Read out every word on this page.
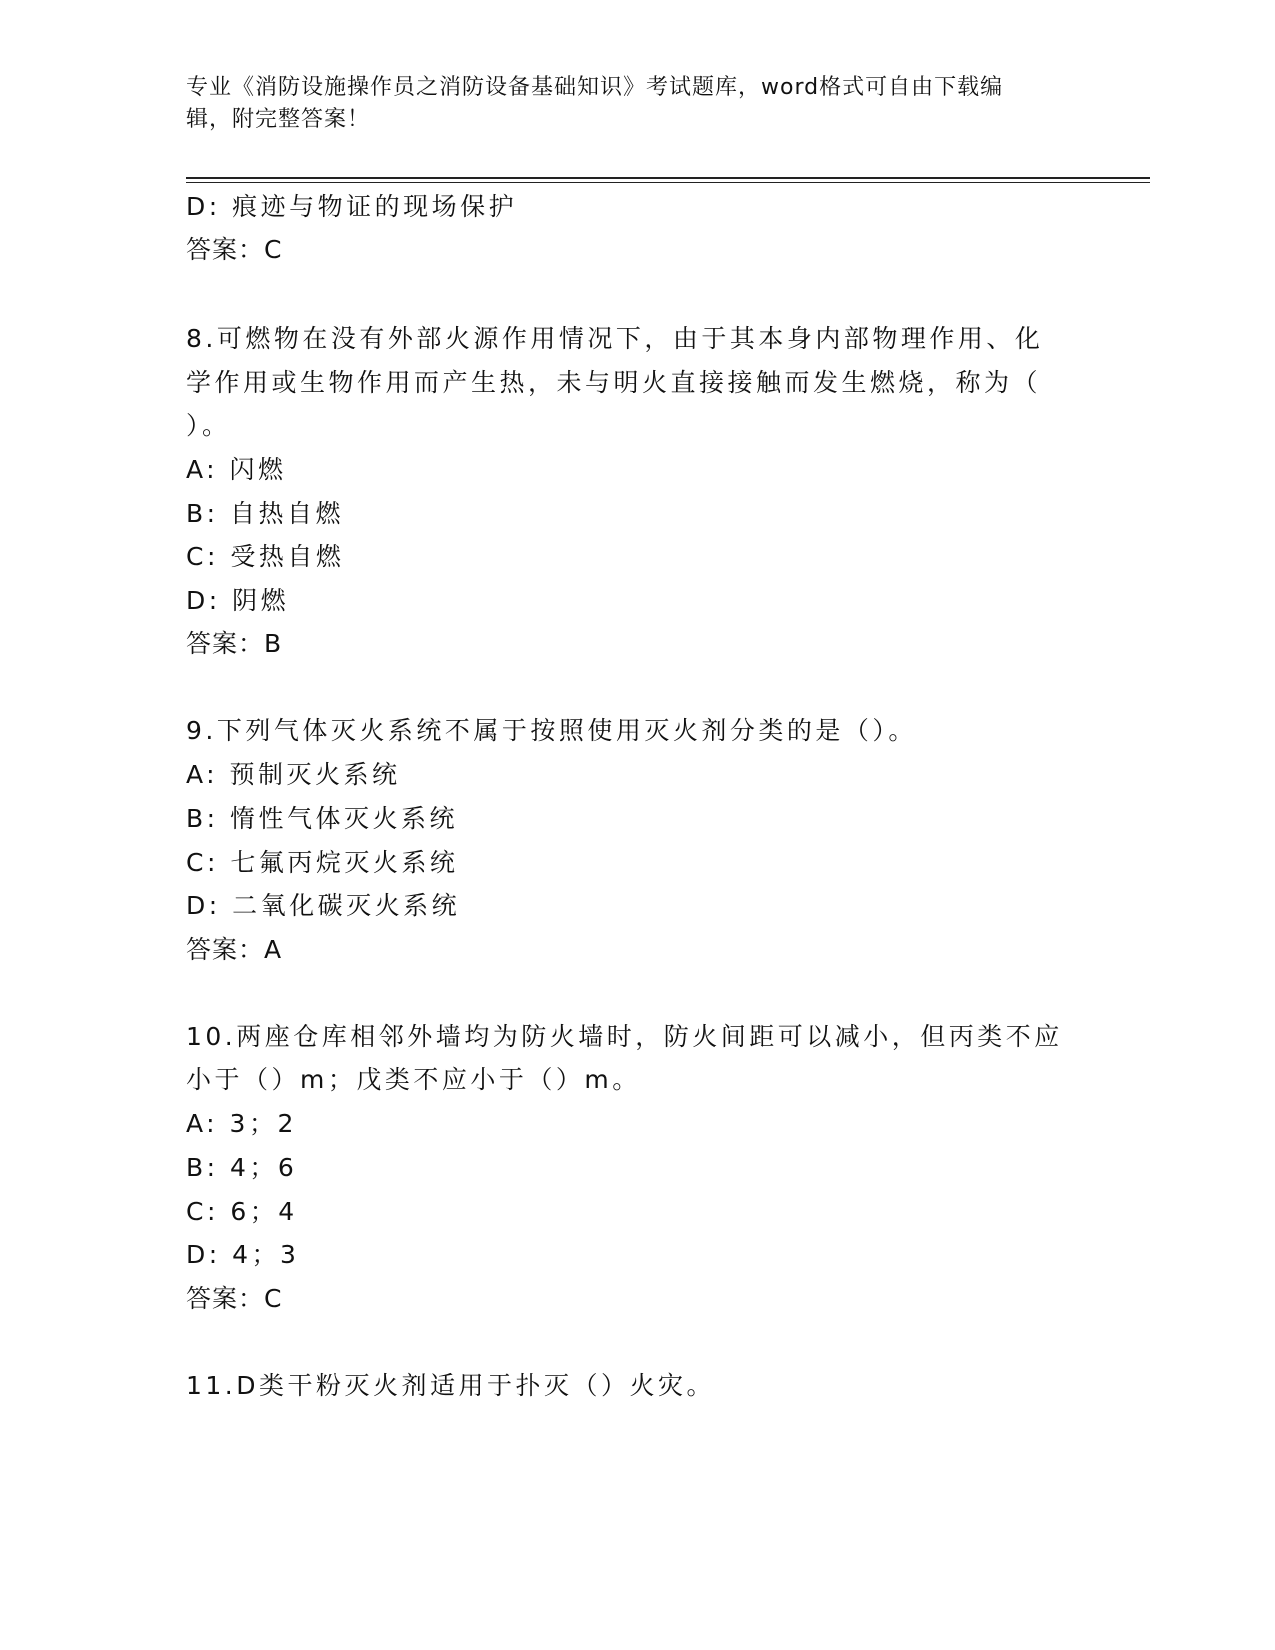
专业《消防设施操作员之消防设备基础知识》考试题库，word格式可自由下载编
辑，附完整答案！
D: 痕迹与物证的现场保护
答案：C
8.可燃物在没有外部火源作用情况下，由于其本身内部物理作用、化
学作用或生物作用而产生热，未与明火直接接触而发生燃烧，称为（
）。
A: 闪燃
B: 自热自燃
C: 受热自燃
D: 阴燃
答案：B
9.下列气体灭火系统不属于按照使用灭火剂分类的是（）。
A: 预制灭火系统
B: 惰性气体灭火系统
C: 七氟丙烷灭火系统
D: 二氧化碳灭火系统
答案：A
10.两座仓库相邻外墙均为防火墙时，防火间距可以减小，但丙类不应
小于（）m；戊类不应小于（）m。
A: 3；2
B: 4；6
C: 6；4
D: 4；3
答案：C
11.D类干粉灭火剂适用于扑灭（）火灾。
